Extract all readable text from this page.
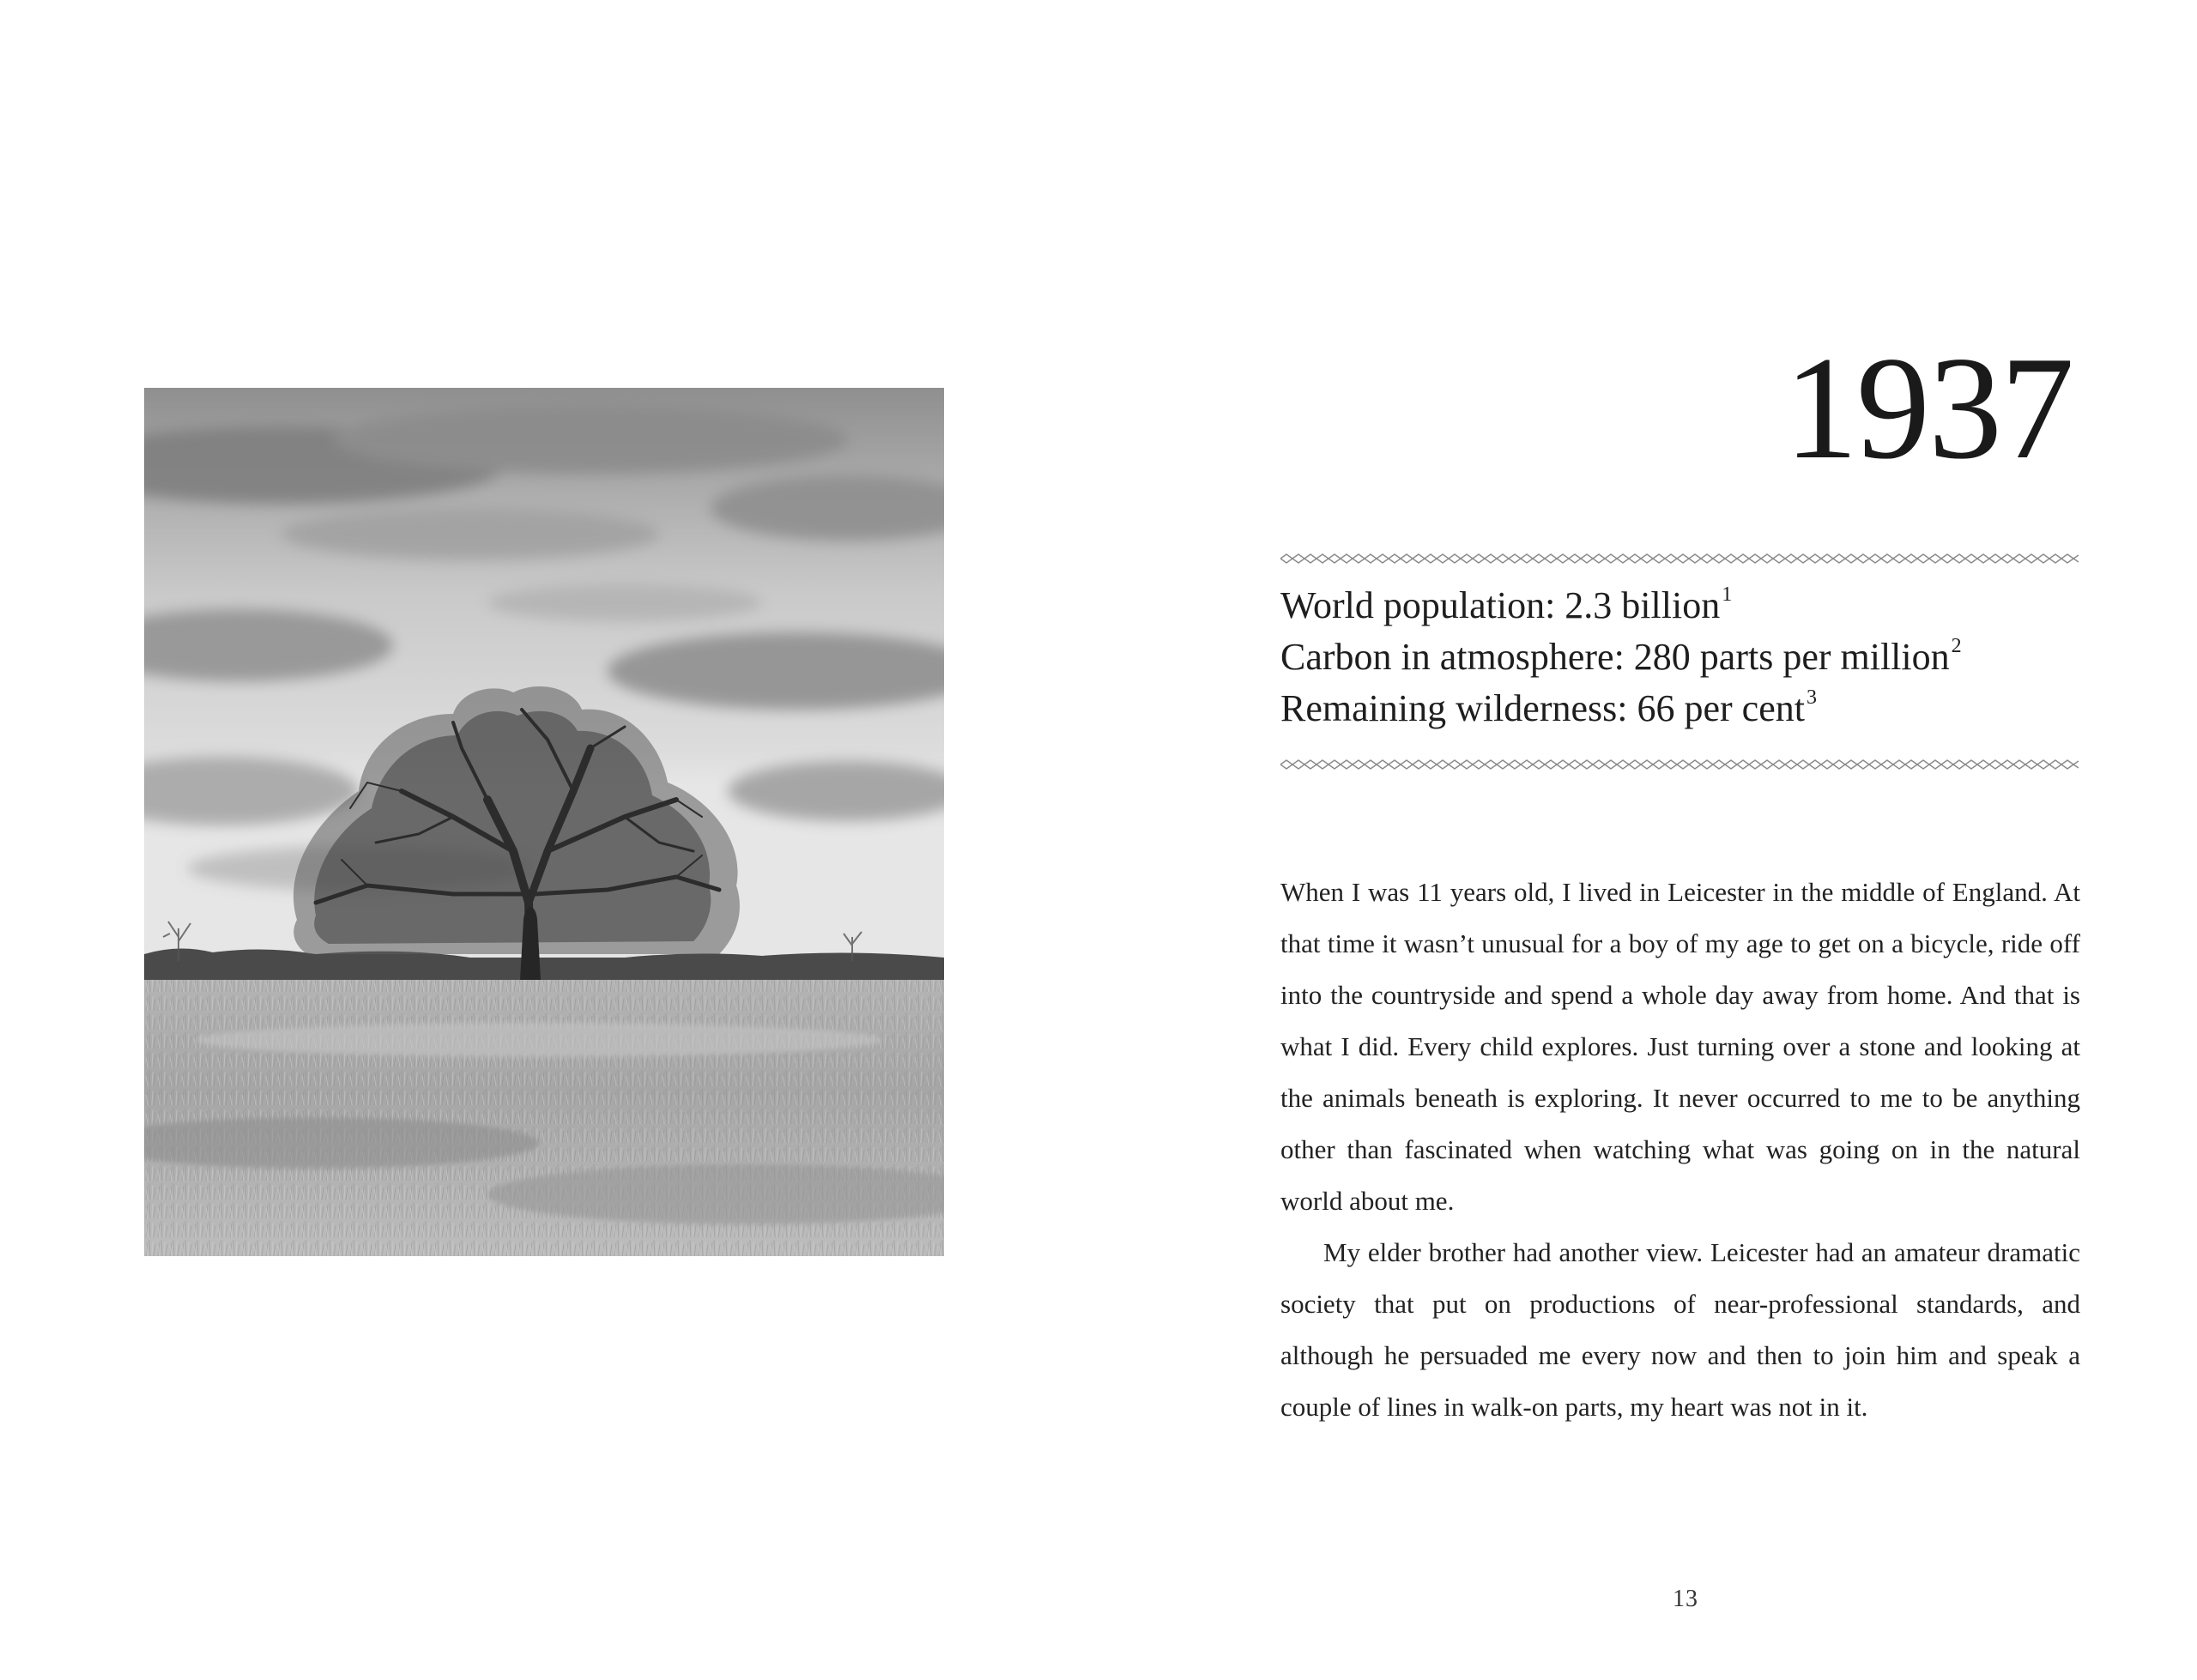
1937
World population: 2.3 billion$^1$
Carbon in atmosphere: 280 parts per million$^2$
Remaining wilderness: 66 per cent$^3$

When I was 11 years old, I lived in Leicester in the middle of England. At that time it wasn’t unusual for a boy of my age to get on a bicycle, ride off into the countryside and spend a whole day away from home. And that is what I did. Every child explores. Just turning over a stone and looking at the animals beneath is exploring. It never occurred to me to be anything other than fascinated when watching what was going on in the natural world about me.

My elder brother had another view. Leicester had an amateur dramatic society that put on productions of near-professional standards, and although he persuaded me every now and then to join him and speak a couple of lines in walk-on parts, my heart was not in it.

13
